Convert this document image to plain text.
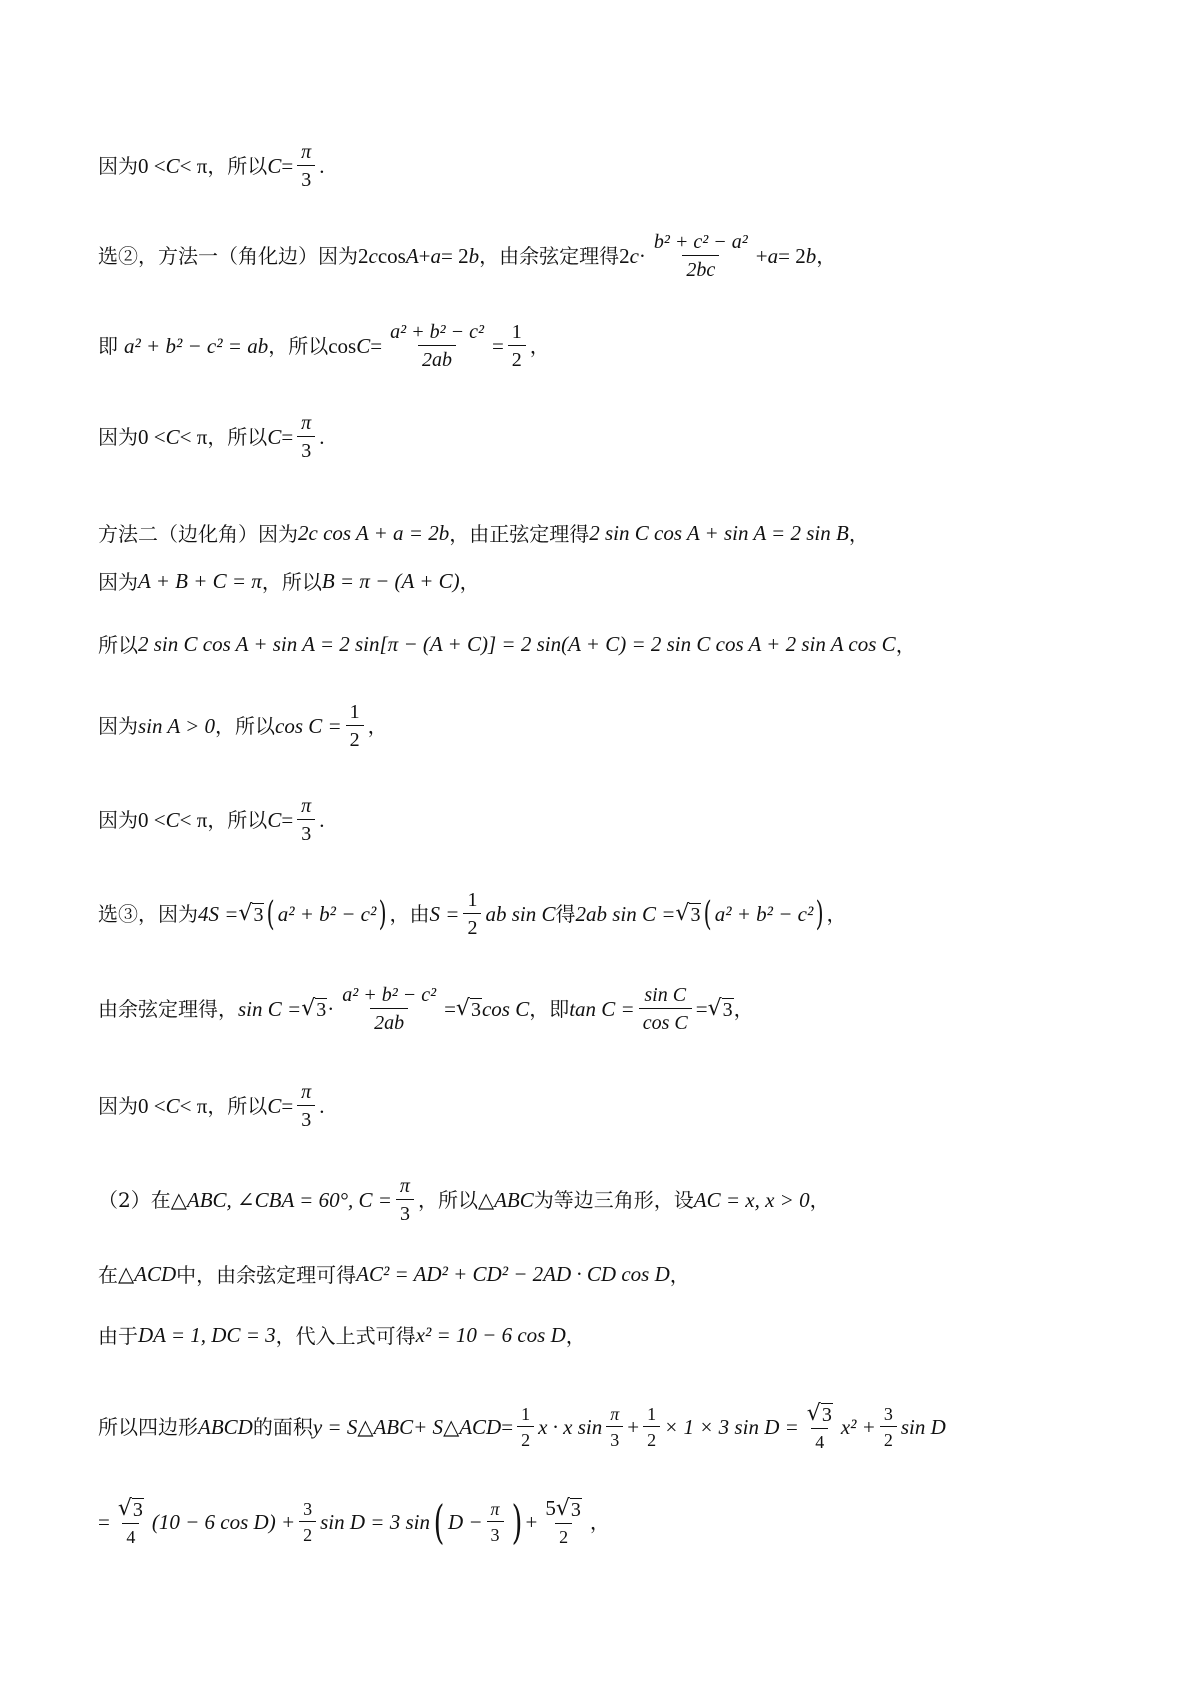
因为 0 < C < π ，所以 $C = \frac{\pi}{3}$ .
选②，方法一（角化边）因为 2 c cos A + a = 2 b ，由余弦定理得 2 $c \cdot \frac{\text{b² + c² − a²}}{2bc} + a = 2$ b ，
即 a² + b² − c² = ab ，所以 $\cos C = \frac{\text{a² + b² − c²}}{2ab} = \frac{1}{2}$ ，
因为 0 < C < π ，所以 $C = \frac{\pi}{3}$ .
方法二（边化角）因为 2c cos A + a = 2b ，由正弦定理得 2 sin C cos A + sin A = 2 sin B ，
因为 A + B + C = π ，所以 B = π − (A + C) ，
所以 2 sin C cos A + sin A = 2 sin[π − (A + C)] = 2 sin(A + C) = 2 sin C cos A + 2 sin A cos C ，
因为 sin A > 0 ，所以 $\cos C = \frac{1}{2}$ ，
因为 0 < C < π ，所以 $C = \frac{\pi}{3}$ .
选③，因为 4S = √ 3 ( a² + b² − c² ) ，由 $S = \frac{1}{2}$ ab sin C 得 2ab sin C = √ 3 ( a² + b² − c² ) ，
由余弦定理得， sin C = √ $3 \cdot \frac{\text{a² + b² − c²}}{2ab}$ = √ 3 cos C ，即 $\tan C = \frac{\text{sin C}}{\text{cos C}}$ = √ 3 ，
因为 0 < C < π ，所以 $C = \frac{\pi}{3}$ .
（2）在 △ABC, ∠CBA = 60°, $C = \frac{\pi}{3}$ ，所以 △ABC 为等边三角形，设 AC = x, x > 0 ，
在 △ACD 中，由余弦定理可得 AC² = AD² + CD² − 2AD · CD cos D ，
由于 DA = 1, DC = 3 ，代入上式可得 x² = 10 − 6 cos D ，
所以四边形 ABCD 的面积 y = S △ABC + S △ACD = $\frac{1}{2}$ x · x $\sin \frac{\pi}{3} + \frac{1}{2} \times 1 \times 3$ $\sin D = \frac{√ 3}{4} x^2 + \frac{3}{2}$ sin D
= $\frac{√ 3}{4} (10 - 6$ $\cos D) + \frac{3}{2}$ sin D = 3 sin ( $D - \frac{\pi}{3}$ ) + $\frac{5 √ 3}{2}$ ，
